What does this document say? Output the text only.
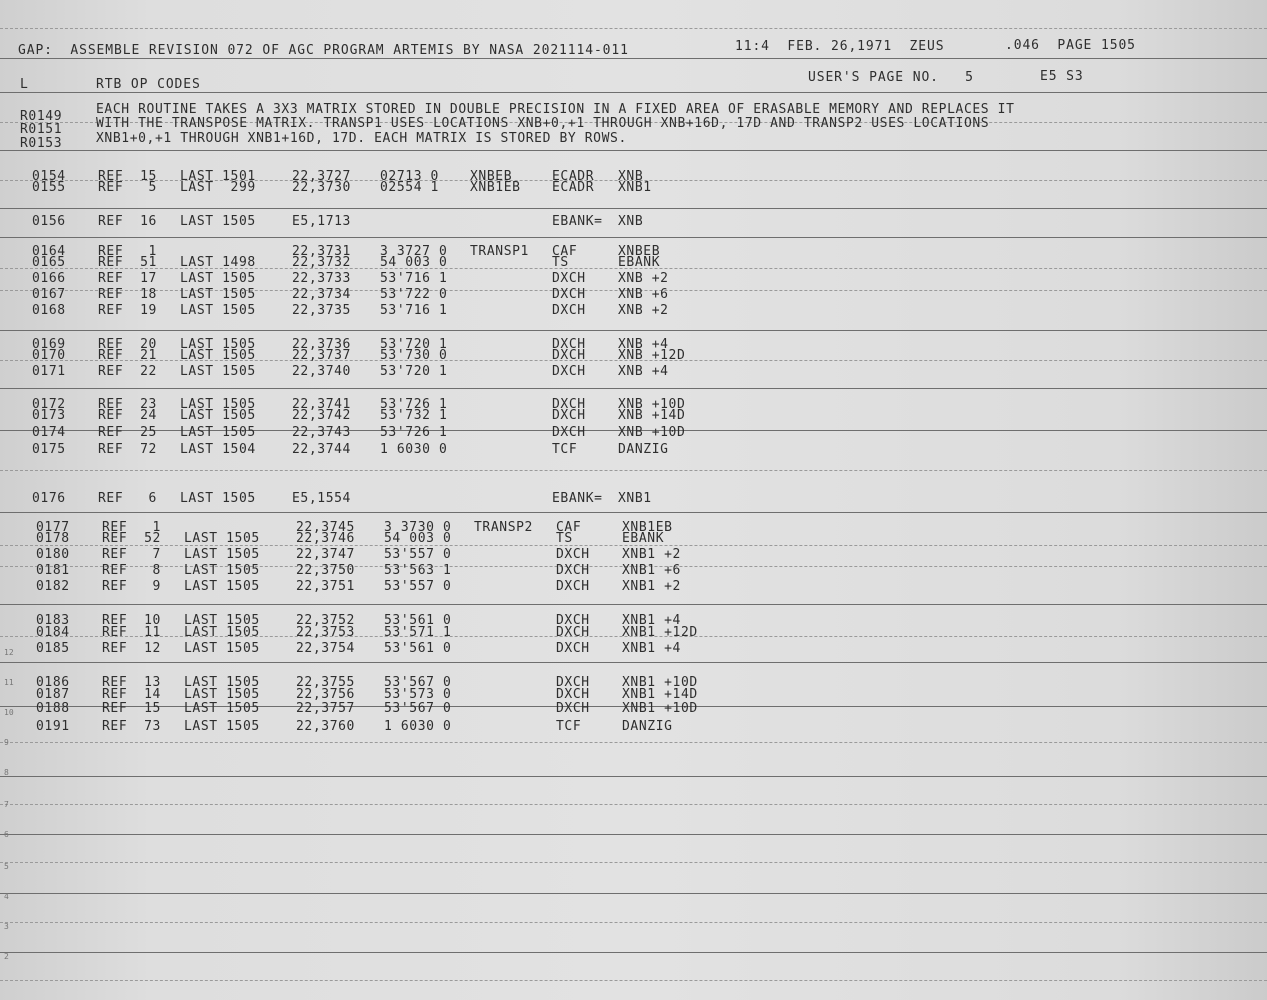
GAP:  ASSEMBLE REVISION 072 OF AGC PROGRAM ARTEMIS BY NASA 2021114-011	11:4  FEB. 26,1971  ZEUS	.046  PAGE 1505
L	RTB OP CODES	USER'S PAGE NO.   5	E5 S3
R0149	EACH ROUTINE TAKES A 3X3 MATRIX STORED IN DOUBLE PRECISION IN A FIXED AREA OF ERASABLE MEMORY AND REPLACES IT
R0151	WITH THE TRANSPOSE MATRIX. TRANSP1 USES LOCATIONS XNB+0,+1 THROUGH XNB+16D, 17D AND TRANSP2 USES LOCATIONS
R0153	XNB1+0,+1 THROUGH XNB1+16D, 17D. EACH MATRIX IS STORED BY ROWS.
0154 REF  15 LAST 1501	22,3727 02713 0 XNBEB	ECADR XNB
0155 REF   5 LAST  299	22,3730 02554 1 XNB1EB ECADR XNB1
0156 REF  16 LAST 1505	E5,1713	EBANK= XNB
0164 REF   1	22,3731 3 3727 0 TRANSP1 CAF	XNBEB
0165 REF  51 LAST 1498	22,3732 54 003 0	TS	EBANK
0166 REF  17 LAST 1505	22,3733 53'716 1	DXCH XNB +2
0167 REF  18 LAST 1505	22,3734 53'722 0	DXCH XNB +6
0168 REF  19 LAST 1505	22,3735 53'716 1	DXCH XNB +2
0169 REF  20 LAST 1505	22,3736 53'720 1	DXCH XNB +4
0170 REF  21 LAST 1505	22,3737 53'730 0	DXCH XNB +12D
0171 REF  22 LAST 1505	22,3740 53'720 1	DXCH XNB +4
0172 REF  23 LAST 1505	22,3741 53'726 1	DXCH XNB +10D
0173 REF  24 LAST 1505	22,3742 53'732 1	DXCH XNB +14D
0174 REF  25 LAST 1505	22,3743 53'726 1	DXCH XNB +10D
0175 REF  72 LAST 1504	22,3744 1 6030 0	TCF	DANZIG
0176 REF   6 LAST 1505	E5,1554	EBANK= XNB1
0177 REF   1	22,3745 3 3730 0 TRANSP2 CAF	XNB1EB
0178 REF  52 LAST 1505	22,3746 54 003 0	TS	EBANK
0180 REF   7 LAST 1505	22,3747 53'557 0	DXCH XNB1 +2
0181 REF   8 LAST 1505	22,3750 53'563 1	DXCH XNB1 +6
0182 REF   9 LAST 1505	22,3751 53'557 0	DXCH XNB1 +2
0183 REF  10 LAST 1505	22,3752 53'561 0	DXCH XNB1 +4
0184 REF  11 LAST 1505	22,3753 53'571 1	DXCH XNB1 +12D
0185 REF  12 LAST 1505	22,3754 53'561 0	DXCH XNB1 +4
0186 REF  13 LAST 1505	22,3755 53'567 0	DXCH XNB1 +10D
0187 REF  14 LAST 1505	22,3756 53'573 0	DXCH XNB1 +14D
0188 REF  15 LAST 1505	22,3757 53'567 0	DXCH XNB1 +10D
0191 REF  73 LAST 1505	22,3760 1 6030 0	TCF	DANZIG
12
11
10
9
8
7
6
5
4
3
2
